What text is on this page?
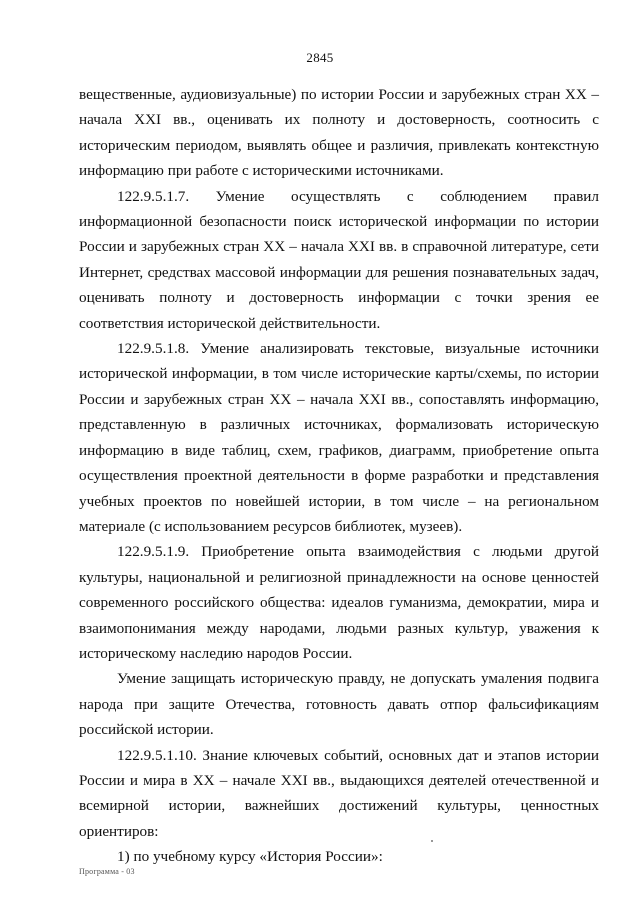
2845

вещественные, аудиовизуальные) по истории России и зарубежных стран XX – начала XXI вв., оценивать их полноту и достоверность, соотносить с историческим периодом, выявлять общее и различия, привлекать контекстную информацию при работе с историческими источниками.

122.9.5.1.7. Умение осуществлять с соблюдением правил информационной безопасности поиск исторической информации по истории России и зарубежных стран XX – начала XXI вв. в справочной литературе, сети Интернет, средствах массовой информации для решения познавательных задач, оценивать полноту и достоверность информации с точки зрения ее соответствия исторической действительности.

122.9.5.1.8. Умение анализировать текстовые, визуальные источники исторической информации, в том числе исторические карты/схемы, по истории России и зарубежных стран XX – начала XXI вв., сопоставлять информацию, представленную в различных источниках, формализовать историческую информацию в виде таблиц, схем, графиков, диаграмм, приобретение опыта осуществления проектной деятельности в форме разработки и представления учебных проектов по новейшей истории, в том числе – на региональном материале (с использованием ресурсов библиотек, музеев).

122.9.5.1.9. Приобретение опыта взаимодействия с людьми другой культуры, национальной и религиозной принадлежности на основе ценностей современного российского общества: идеалов гуманизма, демократии, мира и взаимопонимания между народами, людьми разных культур, уважения к историческому наследию народов России.

Умение защищать историческую правду, не допускать умаления подвига народа при защите Отечества, готовность давать отпор фальсификациям российской истории.

122.9.5.1.10. Знание ключевых событий, основных дат и этапов истории России и мира в XX – начале XXI вв., выдающихся деятелей отечественной и всемирной истории, важнейших достижений культуры, ценностных ориентиров:

1) по учебному курсу «История России»:

Программа - 03
